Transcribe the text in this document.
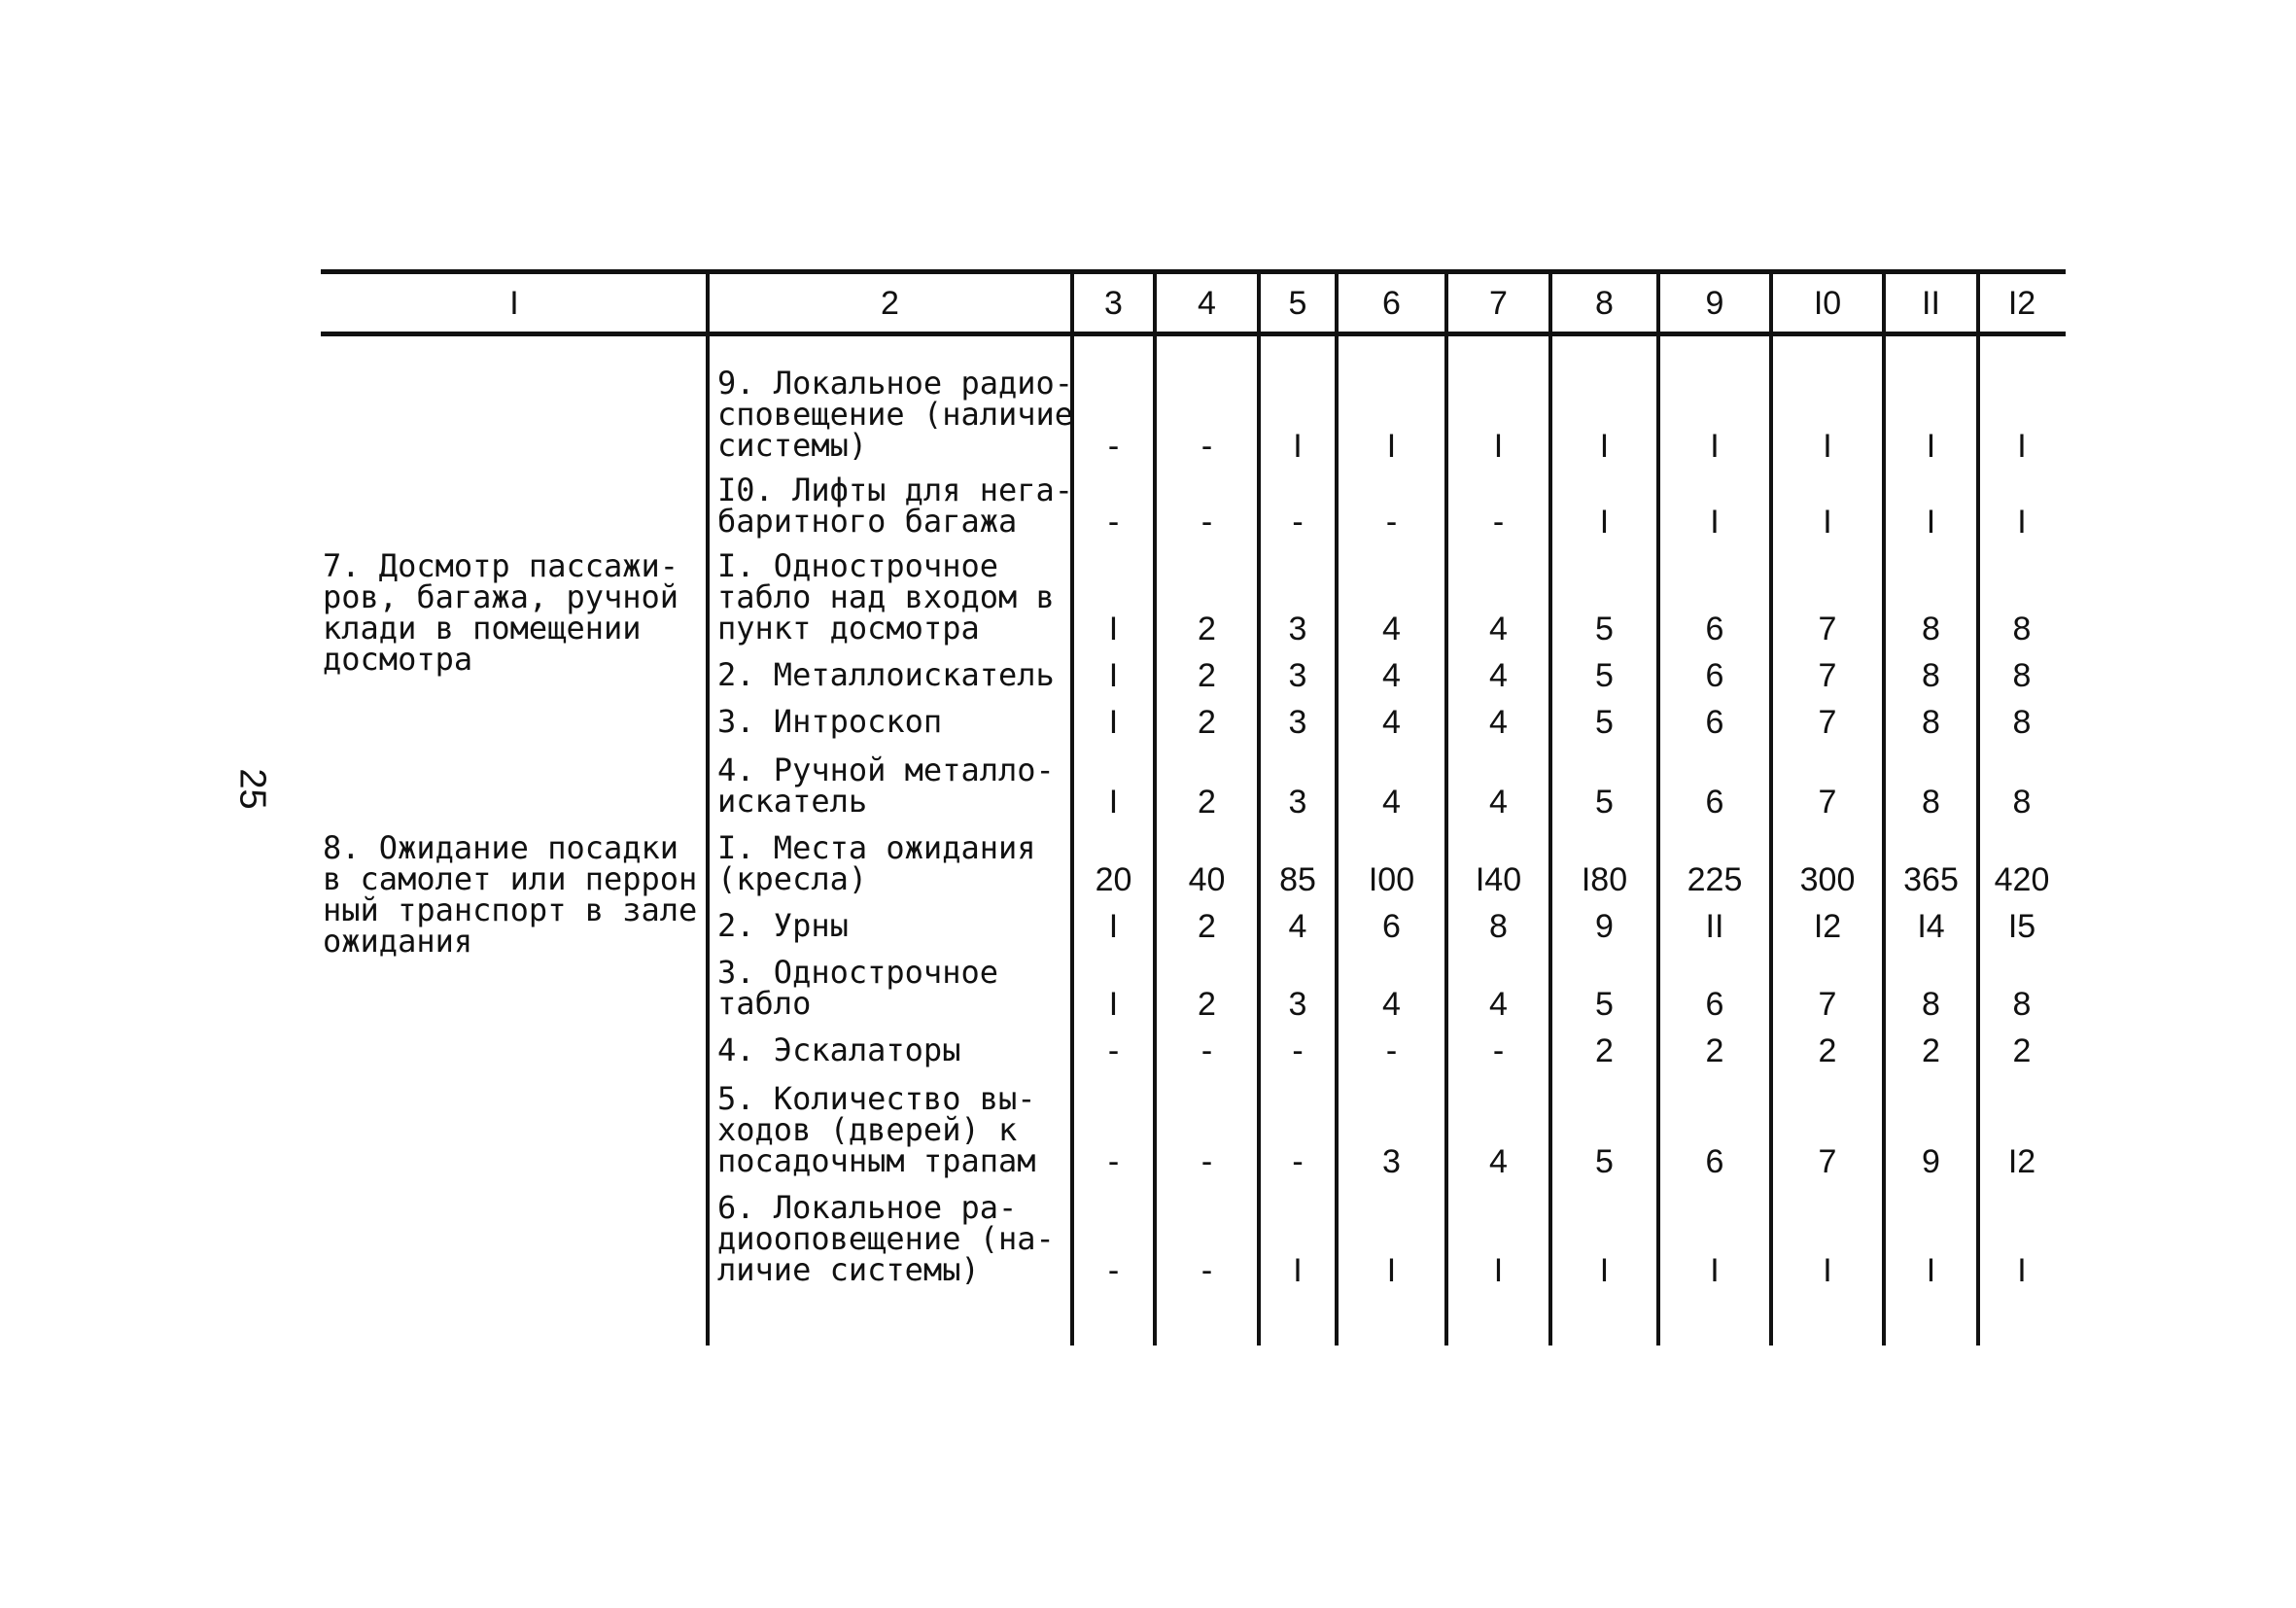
25
I	2	3	4	5	6	7	8	9	I0	II	I2
9. Локальное радио-
сповещение (наличие
системы)	-	-	I	I	I	I	I	I	I	I
I0. Лифты для нега-
баритного багажа	-	-	-	-	-	I	I	I	I	I
7. Досмотр пассажи-
ров, багажа, ручной
клади в помещении
досмотра
I. Однострочное
табло над входом в
пункт досмотра	I	2	3	4	4	5	6	7	8	8
2. Металлоискатель	I	2	3	4	4	5	6	7	8	8
3. Интроскоп	I	2	3	4	4	5	6	7	8	8
4. Ручной металло-
искатель	I	2	3	4	4	5	6	7	8	8
8. Ожидание посадки
в самолет или перрон
ный транспорт в зале
ожидания
I. Места ожидания
(кресла)	20	40	85	I00	I40	I80	225	300	365	420
2. Урны	I	2	4	6	8	9	II	I2	I4	I5
3. Однострочное
табло	I	2	3	4	4	5	6	7	8	8
4. Эскалаторы	-	-	-	-	-	2	2	2	2	2
5. Количество вы-
ходов (дверей) к
посадочным трапам	-	-	-	3	4	5	6	7	9	I2
6. Локальное ра-
диооповещение (на-
личие системы)	-	-	I	I	I	I	I	I	I	I
